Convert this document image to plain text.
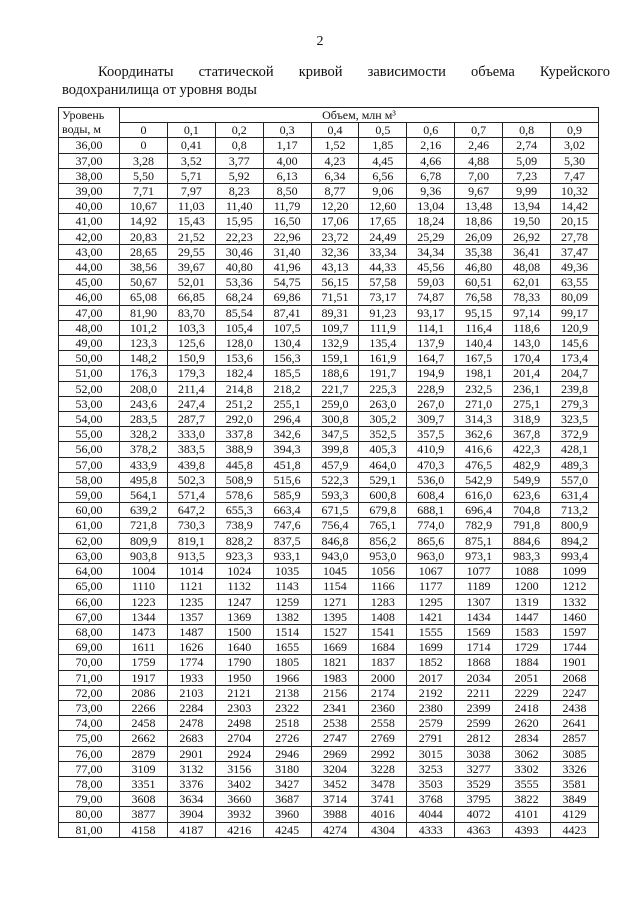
2
Координаты статической кривой зависимости объема Курейского
водохранилища от уровня воды
Уровень
воды, м	Объем, млн м³									
	0	0,1	0,2	0,3	0,4	0,5	0,6	0,7	0,8	0,9
36,00	0	0,41	0,8	1,17	1,52	1,85	2,16	2,46	2,74	3,02
37,00	3,28	3,52	3,77	4,00	4,23	4,45	4,66	4,88	5,09	5,30
38,00	5,50	5,71	5,92	6,13	6,34	6,56	6,78	7,00	7,23	7,47
39,00	7,71	7,97	8,23	8,50	8,77	9,06	9,36	9,67	9,99	10,32
40,00	10,67	11,03	11,40	11,79	12,20	12,60	13,04	13,48	13,94	14,42
41,00	14,92	15,43	15,95	16,50	17,06	17,65	18,24	18,86	19,50	20,15
42,00	20,83	21,52	22,23	22,96	23,72	24,49	25,29	26,09	26,92	27,78
43,00	28,65	29,55	30,46	31,40	32,36	33,34	34,34	35,38	36,41	37,47
44,00	38,56	39,67	40,80	41,96	43,13	44,33	45,56	46,80	48,08	49,36
45,00	50,67	52,01	53,36	54,75	56,15	57,58	59,03	60,51	62,01	63,55
46,00	65,08	66,85	68,24	69,86	71,51	73,17	74,87	76,58	78,33	80,09
47,00	81,90	83,70	85,54	87,41	89,31	91,23	93,17	95,15	97,14	99,17
48,00	101,2	103,3	105,4	107,5	109,7	111,9	114,1	116,4	118,6	120,9
49,00	123,3	125,6	128,0	130,4	132,9	135,4	137,9	140,4	143,0	145,6
50,00	148,2	150,9	153,6	156,3	159,1	161,9	164,7	167,5	170,4	173,4
51,00	176,3	179,3	182,4	185,5	188,6	191,7	194,9	198,1	201,4	204,7
52,00	208,0	211,4	214,8	218,2	221,7	225,3	228,9	232,5	236,1	239,8
53,00	243,6	247,4	251,2	255,1	259,0	263,0	267,0	271,0	275,1	279,3
54,00	283,5	287,7	292,0	296,4	300,8	305,2	309,7	314,3	318,9	323,5
55,00	328,2	333,0	337,8	342,6	347,5	352,5	357,5	362,6	367,8	372,9
56,00	378,2	383,5	388,9	394,3	399,8	405,3	410,9	416,6	422,3	428,1
57,00	433,9	439,8	445,8	451,8	457,9	464,0	470,3	476,5	482,9	489,3
58,00	495,8	502,3	508,9	515,6	522,3	529,1	536,0	542,9	549,9	557,0
59,00	564,1	571,4	578,6	585,9	593,3	600,8	608,4	616,0	623,6	631,4
60,00	639,2	647,2	655,3	663,4	671,5	679,8	688,1	696,4	704,8	713,2
61,00	721,8	730,3	738,9	747,6	756,4	765,1	774,0	782,9	791,8	800,9
62,00	809,9	819,1	828,2	837,5	846,8	856,2	865,6	875,1	884,6	894,2
63,00	903,8	913,5	923,3	933,1	943,0	953,0	963,0	973,1	983,3	993,4
64,00	1004	1014	1024	1035	1045	1056	1067	1077	1088	1099
65,00	1110	1121	1132	1143	1154	1166	1177	1189	1200	1212
66,00	1223	1235	1247	1259	1271	1283	1295	1307	1319	1332
67,00	1344	1357	1369	1382	1395	1408	1421	1434	1447	1460
68,00	1473	1487	1500	1514	1527	1541	1555	1569	1583	1597
69,00	1611	1626	1640	1655	1669	1684	1699	1714	1729	1744
70,00	1759	1774	1790	1805	1821	1837	1852	1868	1884	1901
71,00	1917	1933	1950	1966	1983	2000	2017	2034	2051	2068
72,00	2086	2103	2121	2138	2156	2174	2192	2211	2229	2247
73,00	2266	2284	2303	2322	2341	2360	2380	2399	2418	2438
74,00	2458	2478	2498	2518	2538	2558	2579	2599	2620	2641
75,00	2662	2683	2704	2726	2747	2769	2791	2812	2834	2857
76,00	2879	2901	2924	2946	2969	2992	3015	3038	3062	3085
77,00	3109	3132	3156	3180	3204	3228	3253	3277	3302	3326
78,00	3351	3376	3402	3427	3452	3478	3503	3529	3555	3581
79,00	3608	3634	3660	3687	3714	3741	3768	3795	3822	3849
80,00	3877	3904	3932	3960	3988	4016	4044	4072	4101	4129
81,00	4158	4187	4216	4245	4274	4304	4333	4363	4393	4423
